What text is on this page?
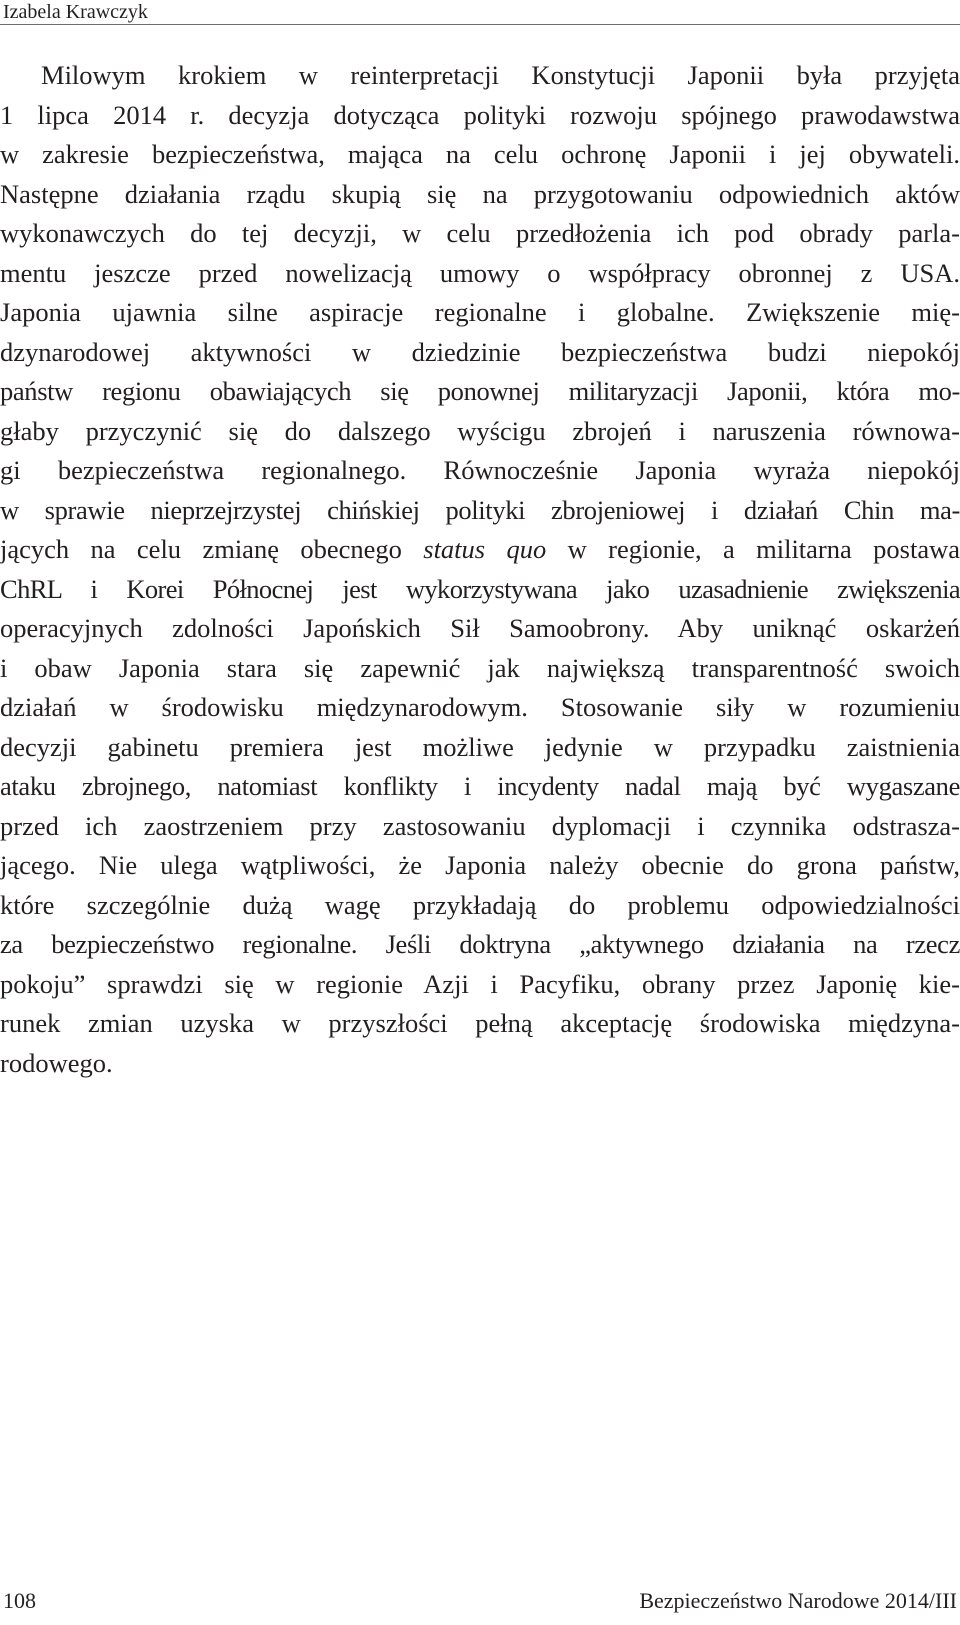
Izabela Krawczyk
Milowym krokiem w reinterpretacji Konstytucji Japonii była przyjęta
1 lipca 2014 r. decyzja dotycząca polityki rozwoju spójnego prawodawstwa
w zakresie bezpieczeństwa, mająca na celu ochronę Japonii i jej obywateli.
Następne działania rządu skupią się na przygotowaniu odpowiednich aktów
wykonawczych do tej decyzji, w celu przedłożenia ich pod obrady parla-
mentu jeszcze przed nowelizacją umowy o współpracy obronnej z USA.
Japonia ujawnia silne aspiracje regionalne i globalne. Zwiększenie mię-
dzynarodowej aktywności w dziedzinie bezpieczeństwa budzi niepokój
państw regionu obawiających się ponownej militaryzacji Japonii, która mo-
głaby przyczynić się do dalszego wyścigu zbrojeń i naruszenia równowa-
gi bezpieczeństwa regionalnego. Równocześnie Japonia wyraża niepokój
w sprawie nieprzejrzystej chińskiej polityki zbrojeniowej i działań Chin ma-
jących na celu zmianę obecnego status quo w regionie, a militarna postawa
ChRL i Korei Północnej jest wykorzystywana jako uzasadnienie zwiększenia
operacyjnych zdolności Japońskich Sił Samoobrony. Aby uniknąć oskarżeń
i obaw Japonia stara się zapewnić jak największą transparentność swoich
działań w środowisku międzynarodowym. Stosowanie siły w rozumieniu
decyzji gabinetu premiera jest możliwe jedynie w przypadku zaistnienia
ataku zbrojnego, natomiast konflikty i incydenty nadal mają być wygaszane
przed ich zaostrzeniem przy zastosowaniu dyplomacji i czynnika odstrasza-
jącego. Nie ulega wątpliwości, że Japonia należy obecnie do grona państw,
które szczególnie dużą wagę przykładają do problemu odpowiedzialności
za bezpieczeństwo regionalne. Jeśli doktryna „aktywnego działania na rzecz
pokoju” sprawdzi się w regionie Azji i Pacyfiku, obrany przez Japonię kie-
runek zmian uzyska w przyszłości pełną akceptację środowiska międzyna-
rodowego.
108	Bezpieczeństwo Narodowe 2014/III
